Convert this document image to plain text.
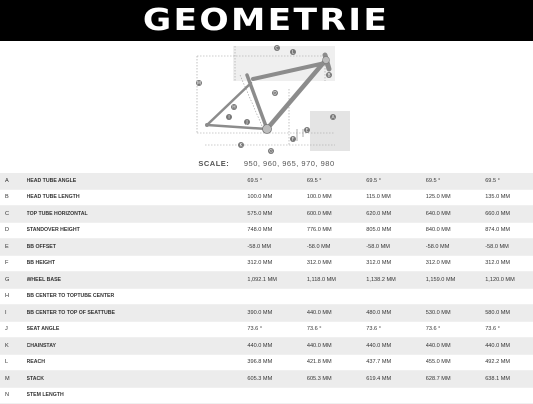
GEOMETRIE
C
L
B
M
D
H
I
J
A
K
E
F
G
SCALE: 950, 960, 965, 970, 980
A	HEAD TUBE ANGLE	69.5 °	69.5 °	69.5 °	69.5 °	69.5 °
B	HEAD TUBE LENGTH	100.0 MM	100.0 MM	115.0 MM	125.0 MM	135.0 MM
C	TOP TUBE HORIZONTAL	575.0 MM	600.0 MM	620.0 MM	640.0 MM	660.0 MM
D	STANDOVER HEIGHT	748.0 MM	776.0 MM	805.0 MM	840.0 MM	874.0 MM
E	BB OFFSET	-58.0 MM	-58.0 MM	-58.0 MM	-58.0 MM	-58.0 MM
F	BB HEIGHT	312.0 MM	312.0 MM	312.0 MM	312.0 MM	312.0 MM
G	WHEEL BASE	1,092.1 MM	1,118.0 MM	1,138.2 MM	1,159.0 MM	1,120.0 MM
H	BB CENTER TO TOPTUBE CENTER					
I	BB CENTER TO TOP OF SEATTUBE	390.0 MM	440.0 MM	480.0 MM	530.0 MM	580.0 MM
J	SEAT ANGLE	73.6 °	73.6 °	73.6 °	73.6 °	73.6 °
K	CHAINSTAY	440.0 MM	440.0 MM	440.0 MM	440.0 MM	440.0 MM
L	REACH	396.8 MM	421.8 MM	437.7 MM	455.0 MM	492.2 MM
M	STACK	605.3 MM	605.3 MM	619.4 MM	628.7 MM	638.1 MM
N	STEM LENGTH					
